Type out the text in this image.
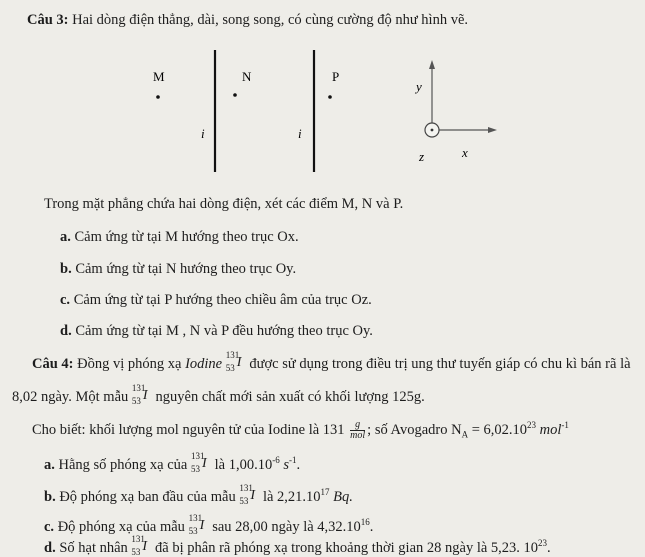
Câu 3: Hai dòng điện thẳng, dài, song song, có cùng cường độ như hình vẽ.
M	N	P
i	i
y
z	x
Trong mặt phẳng chứa hai dòng điện, xét các điểm M, N và P.
a. Cảm ứng từ tại M hướng theo trục Ox.
b. Cảm ứng từ tại N hướng theo trục Oy.
c. Cảm ứng từ tại P hướng theo chiều âm của trục Oz.
d. Cảm ứng từ tại M , N và P đều hướng theo trục Oy.
Câu 4: Đồng vị phóng xạ Iodine
131
53 I được sử dụng trong điều trị ung thư tuyến giáp có chu kì bán rã là
8,02 ngày. Một mẫu
131
53 I nguyên chất mới sản xuất có khối lượng 125g.
Cho biết: khối lượng mol nguyên tử của Iodine là $131 \frac{g}{\text{mol}}$ ; số Avogadro $N_A = 6,02.10^{23}$ mol$^{-1}$
a. Hằng số phóng xạ của
131
53 I là $1,00.10^{-6}$ $s^{-1}$.
b. Độ phóng xạ ban đầu của mẫu
131
53 I là 2,21.10$^{17}$ Bq.
c. Độ phóng xạ của mẫu
131
53 I sau 28,00 ngày là 4,32.10$^{16}$.
d. Số hạt nhân
131
53 I đã bị phân rã phóng xạ trong khoảng thời gian 28 ngày là 5,23. $10^{23}$.
